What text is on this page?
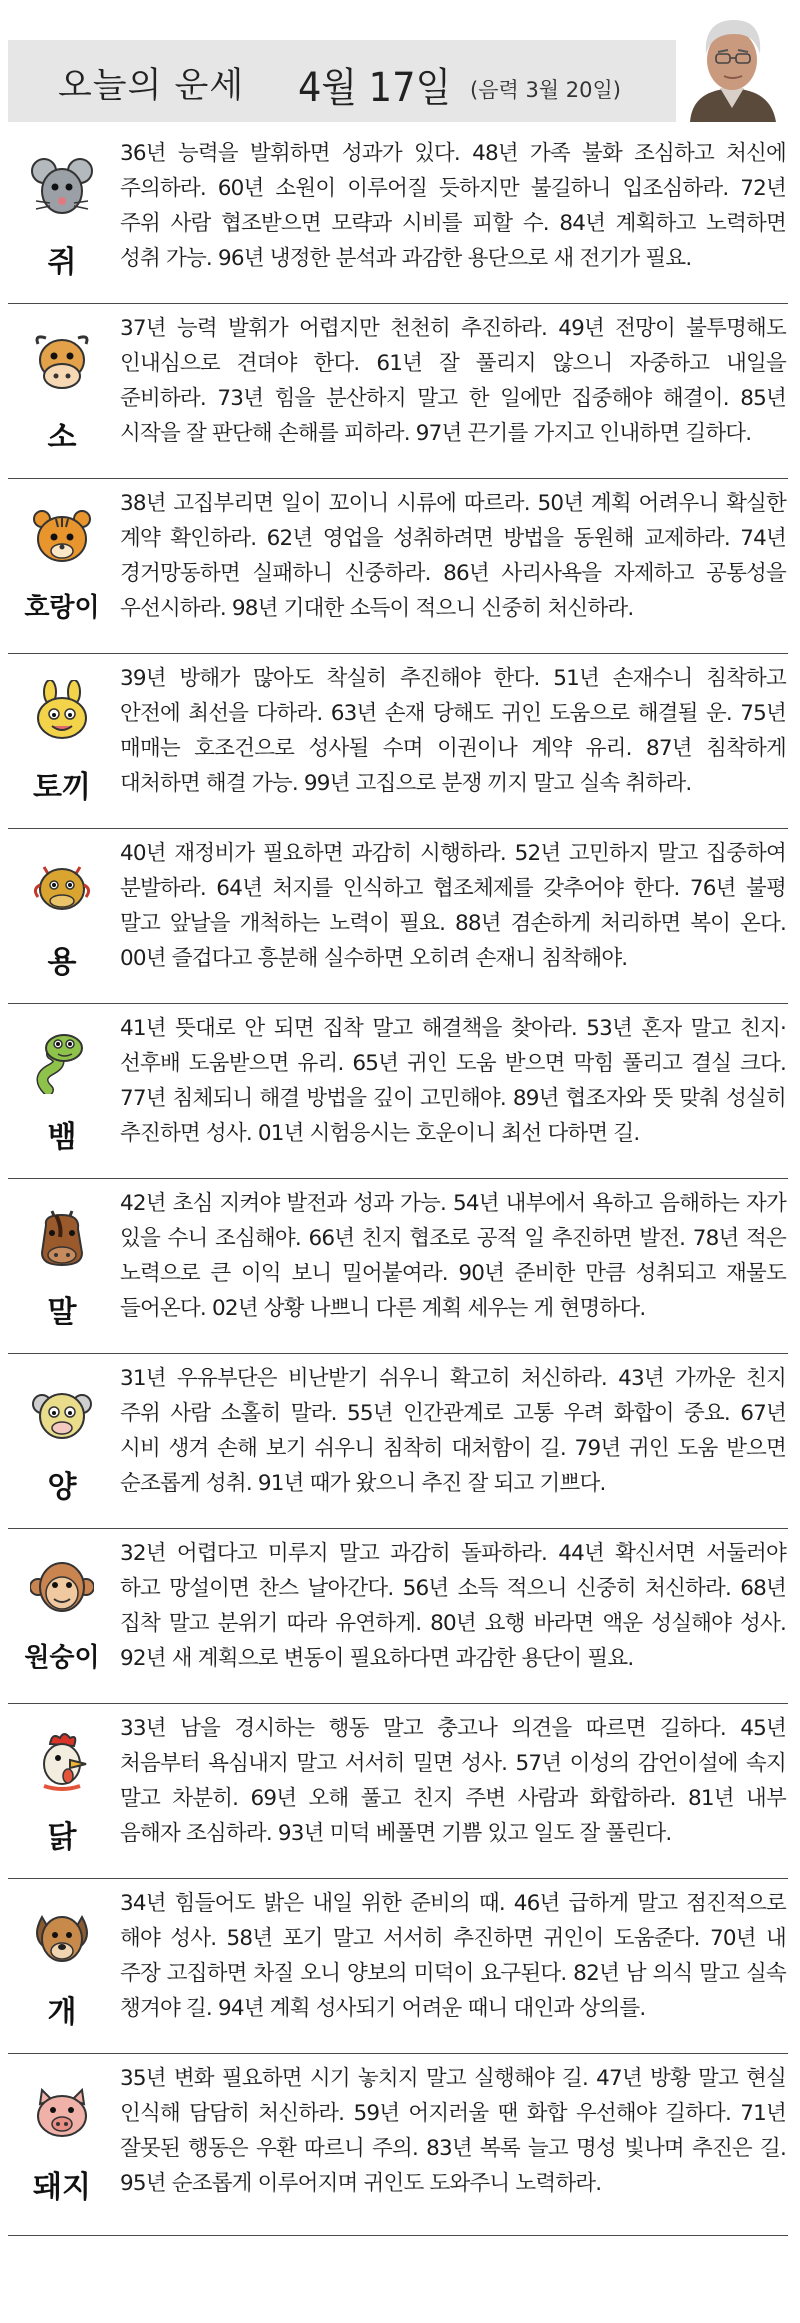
오늘의 운세 4월 17일 (음력 3월 20일)
쥐
36년 능력을 발휘하면 성과가 있다. 48년 가족 불화 조심하고 처신에 주의하라. 60년 소원이 이루어질 듯하지만 불길하니 입조심하라. 72년 주위 사람 협조받으면 모략과 시비를 피할 수. 84년 계획하고 노력하면 성취 가능. 96년 냉정한 분석과 과감한 용단으로 새 전기가 필요.
소
37년 능력 발휘가 어렵지만 천천히 추진하라. 49년 전망이 불투명해도 인내심으로 견뎌야 한다. 61년 잘 풀리지 않으니 자중하고 내일을 준비하라. 73년 힘을 분산하지 말고 한 일에만 집중해야 해결이. 85년 시작을 잘 판단해 손해를 피하라. 97년 끈기를 가지고 인내하면 길하다.
호랑이
38년 고집부리면 일이 꼬이니 시류에 따르라. 50년 계획 어려우니 확실한 계약 확인하라. 62년 영업을 성취하려면 방법을 동원해 교제하라. 74년 경거망동하면 실패하니 신중하라. 86년 사리사욕을 자제하고 공통성을 우선시하라. 98년 기대한 소득이 적으니 신중히 처신하라.
토끼
39년 방해가 많아도 착실히 추진해야 한다. 51년 손재수니 침착하고 안전에 최선을 다하라. 63년 손재 당해도 귀인 도움으로 해결될 운. 75년 매매는 호조건으로 성사될 수며 이권이나 계약 유리. 87년 침착하게 대처하면 해결 가능. 99년 고집으로 분쟁 끼지 말고 실속 취하라.
용
40년 재정비가 필요하면 과감히 시행하라. 52년 고민하지 말고 집중하여 분발하라. 64년 처지를 인식하고 협조체제를 갖추어야 한다. 76년 불평 말고 앞날을 개척하는 노력이 필요. 88년 겸손하게 처리하면 복이 온다. 00년 즐겁다고 흥분해 실수하면 오히려 손재니 침착해야.
뱀
41년 뜻대로 안 되면 집착 말고 해결책을 찾아라. 53년 혼자 말고 친지·선후배 도움받으면 유리. 65년 귀인 도움 받으면 막힘 풀리고 결실 크다. 77년 침체되니 해결 방법을 깊이 고민해야. 89년 협조자와 뜻 맞춰 성실히 추진하면 성사. 01년 시험응시는 호운이니 최선 다하면 길.
말
42년 초심 지켜야 발전과 성과 가능. 54년 내부에서 욕하고 음해하는 자가 있을 수니 조심해야. 66년 친지 협조로 공적 일 추진하면 발전. 78년 적은 노력으로 큰 이익 보니 밀어붙여라. 90년 준비한 만큼 성취되고 재물도 들어온다. 02년 상황 나쁘니 다른 계획 세우는 게 현명하다.
양
31년 우유부단은 비난받기 쉬우니 확고히 처신하라. 43년 가까운 친지 주위 사람 소홀히 말라. 55년 인간관계로 고통 우려 화합이 중요. 67년 시비 생겨 손해 보기 쉬우니 침착히 대처함이 길. 79년 귀인 도움 받으면 순조롭게 성취. 91년 때가 왔으니 추진 잘 되고 기쁘다.
원숭이
32년 어렵다고 미루지 말고 과감히 돌파하라. 44년 확신서면 서둘러야 하고 망설이면 찬스 날아간다. 56년 소득 적으니 신중히 처신하라. 68년 집착 말고 분위기 따라 유연하게. 80년 요행 바라면 액운 성실해야 성사. 92년 새 계획으로 변동이 필요하다면 과감한 용단이 필요.
닭
33년 남을 경시하는 행동 말고 충고나 의견을 따르면 길하다. 45년 처음부터 욕심내지 말고 서서히 밀면 성사. 57년 이성의 감언이설에 속지 말고 차분히. 69년 오해 풀고 친지 주변 사람과 화합하라. 81년 내부 음해자 조심하라. 93년 미덕 베풀면 기쁨 있고 일도 잘 풀린다.
개
34년 힘들어도 밝은 내일 위한 준비의 때. 46년 급하게 말고 점진적으로 해야 성사. 58년 포기 말고 서서히 추진하면 귀인이 도움준다. 70년 내 주장 고집하면 차질 오니 양보의 미덕이 요구된다. 82년 남 의식 말고 실속 챙겨야 길. 94년 계획 성사되기 어려운 때니 대인과 상의를.
돼지
35년 변화 필요하면 시기 놓치지 말고 실행해야 길. 47년 방황 말고 현실 인식해 담담히 처신하라. 59년 어지러울 땐 화합 우선해야 길하다. 71년 잘못된 행동은 우환 따르니 주의. 83년 복록 늘고 명성 빛나며 추진은 길. 95년 순조롭게 이루어지며 귀인도 도와주니 노력하라.
